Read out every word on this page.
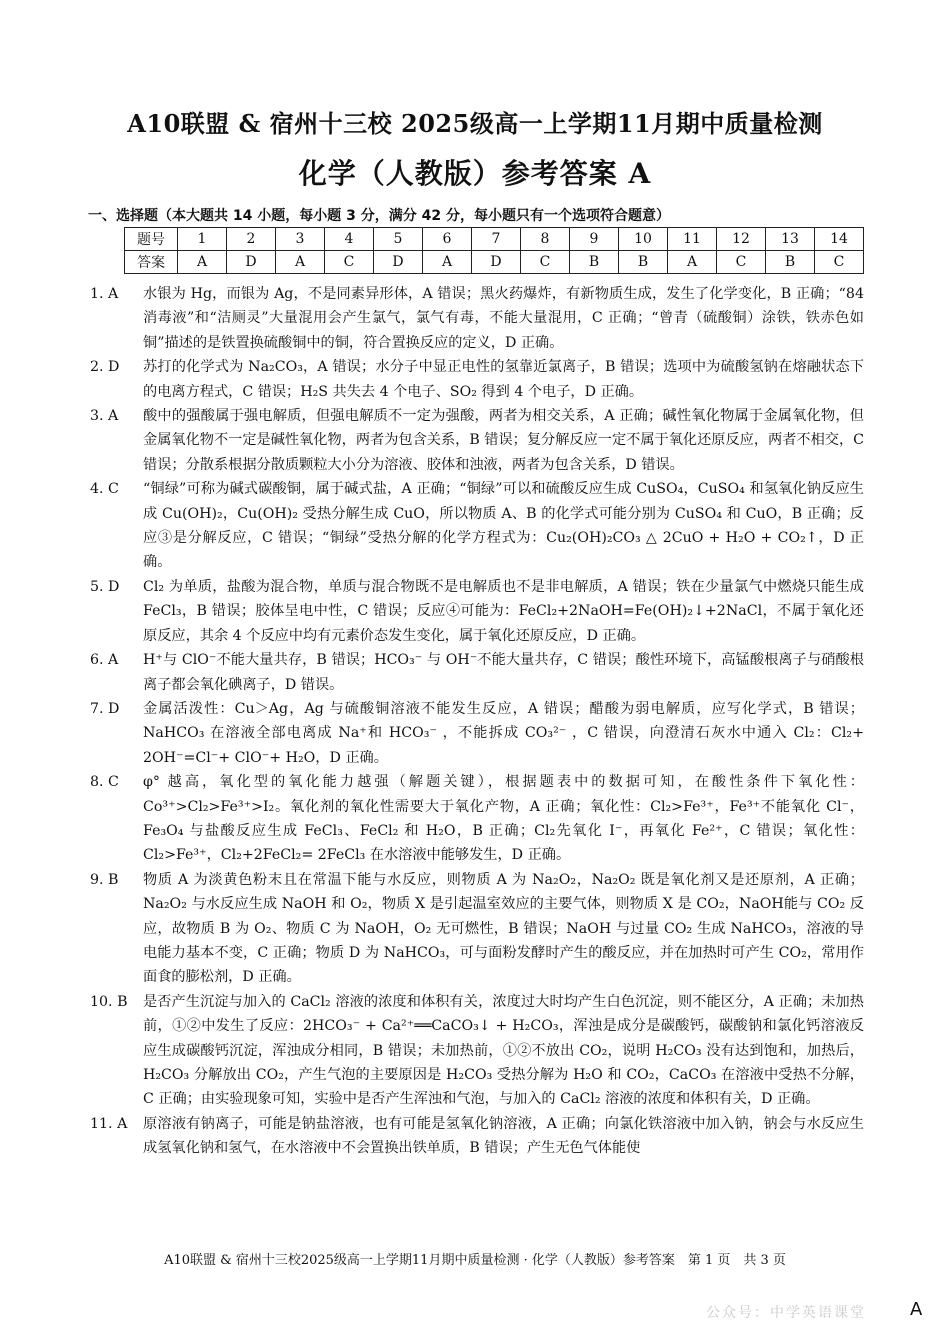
A10联盟 & 宿州十三校 2025级高一上学期11月期中质量检测
化学（人教版）参考答案 A
一、选择题（本大题共 14 小题，每小题 3 分，满分 42 分，每小题只有一个选项符合题意）
题号	1	2	3	4	5	6	7	8	9	10	11	12	13	14
答案	A	D	A	C	D	A	D	C	B	B	A	C	B	C
1. A 水银为 Hg，而银为 Ag，不是同素异形体，A 错误；黑火药爆炸，有新物质生成，发生了化学变化，B 正确；“84 消毒液”和“洁厕灵”大量混用会产生氯气，氯气有毒，不能大量混用，C 正确；“曾青（硫酸铜）涂铁，铁赤色如铜”描述的是铁置换硫酸铜中的铜，符合置换反应的定义，D 正确。
2. D 苏打的化学式为 Na₂CO₃，A 错误；水分子中显正电性的氢靠近氯离子，B 错误；选项中为硫酸氢钠在熔融状态下的电离方程式，C 错误；H₂S 共失去 4 个电子、SO₂ 得到 4 个电子，D 正确。
3. A 酸中的强酸属于强电解质，但强电解质不一定为强酸，两者为相交关系，A 正确；碱性氧化物属于金属氧化物，但金属氧化物不一定是碱性氧化物，两者为包含关系，B 错误；复分解反应一定不属于氧化还原反应，两者不相交，C 错误；分散系根据分散质颗粒大小分为溶液、胶体和浊液，两者为包含关系，D 错误。
4. C “铜绿”可称为碱式碳酸铜，属于碱式盐，A 正确；“铜绿”可以和硫酸反应生成 CuSO₄，CuSO₄ 和氢氧化钠反应生成 Cu(OH)₂，Cu(OH)₂ 受热分解生成 CuO，所以物质 A、B 的化学式可能分别为 CuSO₄ 和 CuO，B 正确；反应③是分解反应，C 错误；“铜绿”受热分解的化学方程式为：Cu₂(OH)₂CO₃ △ 2CuO + H₂O + CO₂↑，D 正确。
5. D Cl₂ 为单质，盐酸为混合物，单质与混合物既不是电解质也不是非电解质，A 错误；铁在少量氯气中燃烧只能生成 FeCl₃，B 错误；胶体呈电中性，C 错误；反应④可能为：FeCl₂+2NaOH=Fe(OH)₂↓+2NaCl，不属于氧化还原反应，其余 4 个反应中均有元素价态发生变化，属于氧化还原反应，D 正确。
6. A H⁺与 ClO⁻不能大量共存，B 错误；HCO₃⁻ 与 OH⁻不能大量共存，C 错误；酸性环境下，高锰酸根离子与硝酸根离子都会氧化碘离子，D 错误。
7. D 金属活泼性：Cu＞Ag，Ag 与硫酸铜溶液不能发生反应，A 错误；醋酸为弱电解质，应写化学式，B 错误；NaHCO₃ 在溶液全部电离成 Na⁺和 HCO₃⁻ ，不能拆成 CO₃²⁻ ，C 错误，向澄清石灰水中通入 Cl₂：Cl₂+ 2OH⁻=Cl⁻+ ClO⁻+ H₂O，D 正确。
8. C φ° 越高，氧化型的氧化能力越强（解题关键），根据题表中的数据可知，在酸性条件下氧化性：Co³⁺>Cl₂>Fe³⁺>I₂。氧化剂的氧化性需要大于氧化产物，A 正确；氧化性：Cl₂>Fe³⁺，Fe³⁺不能氧化 Cl⁻，Fe₃O₄ 与盐酸反应生成 FeCl₃、FeCl₂ 和 H₂O，B 正确；Cl₂先氧化 I⁻，再氧化 Fe²⁺，C 错误；氧化性：Cl₂>Fe³⁺，Cl₂+2FeCl₂= 2FeCl₃ 在水溶液中能够发生，D 正确。
9. B 物质 A 为淡黄色粉末且在常温下能与水反应，则物质 A 为 Na₂O₂，Na₂O₂ 既是氧化剂又是还原剂，A 正确；Na₂O₂ 与水反应生成 NaOH 和 O₂，物质 X 是引起温室效应的主要气体，则物质 X 是 CO₂，NaOH能与 CO₂ 反应，故物质 B 为 O₂、物质 C 为 NaOH，O₂ 无可燃性，B 错误；NaOH 与过量 CO₂ 生成 NaHCO₃，溶液的导电能力基本不变，C 正确；物质 D 为 NaHCO₃，可与面粉发酵时产生的酸反应，并在加热时可产生 CO₂，常用作面食的膨松剂，D 正确。
10. B 是否产生沉淀与加入的 CaCl₂ 溶液的浓度和体积有关，浓度过大时均产生白色沉淀，则不能区分，A 正确；未加热前，①②中发生了反应：2HCO₃⁻ + Ca²⁺══CaCO₃↓ + H₂CO₃，浑浊是成分是碳酸钙，碳酸钠和氯化钙溶液反应生成碳酸钙沉淀，浑浊成分相同，B 错误；未加热前，①②不放出 CO₂，说明 H₂CO₃ 没有达到饱和，加热后，H₂CO₃ 分解放出 CO₂，产生气泡的主要原因是 H₂CO₃ 受热分解为 H₂O 和 CO₂，CaCO₃ 在溶液中受热不分解，C 正确；由实验现象可知，实验中是否产生浑浊和气泡，与加入的 CaCl₂ 溶液的浓度和体积有关，D 正确。
11. A 原溶液有钠离子，可能是钠盐溶液，也有可能是氢氧化钠溶液，A 正确；向氯化铁溶液中加入钠，钠会与水反应生成氢氧化钠和氢气，在水溶液中不会置换出铁单质，B 错误；产生无色气体能使
A10联盟 & 宿州十三校2025级高一上学期11月期中质量检测 · 化学（人教版）参考答案　第 1 页　共 3 页
公众号：中学英语课堂 A
